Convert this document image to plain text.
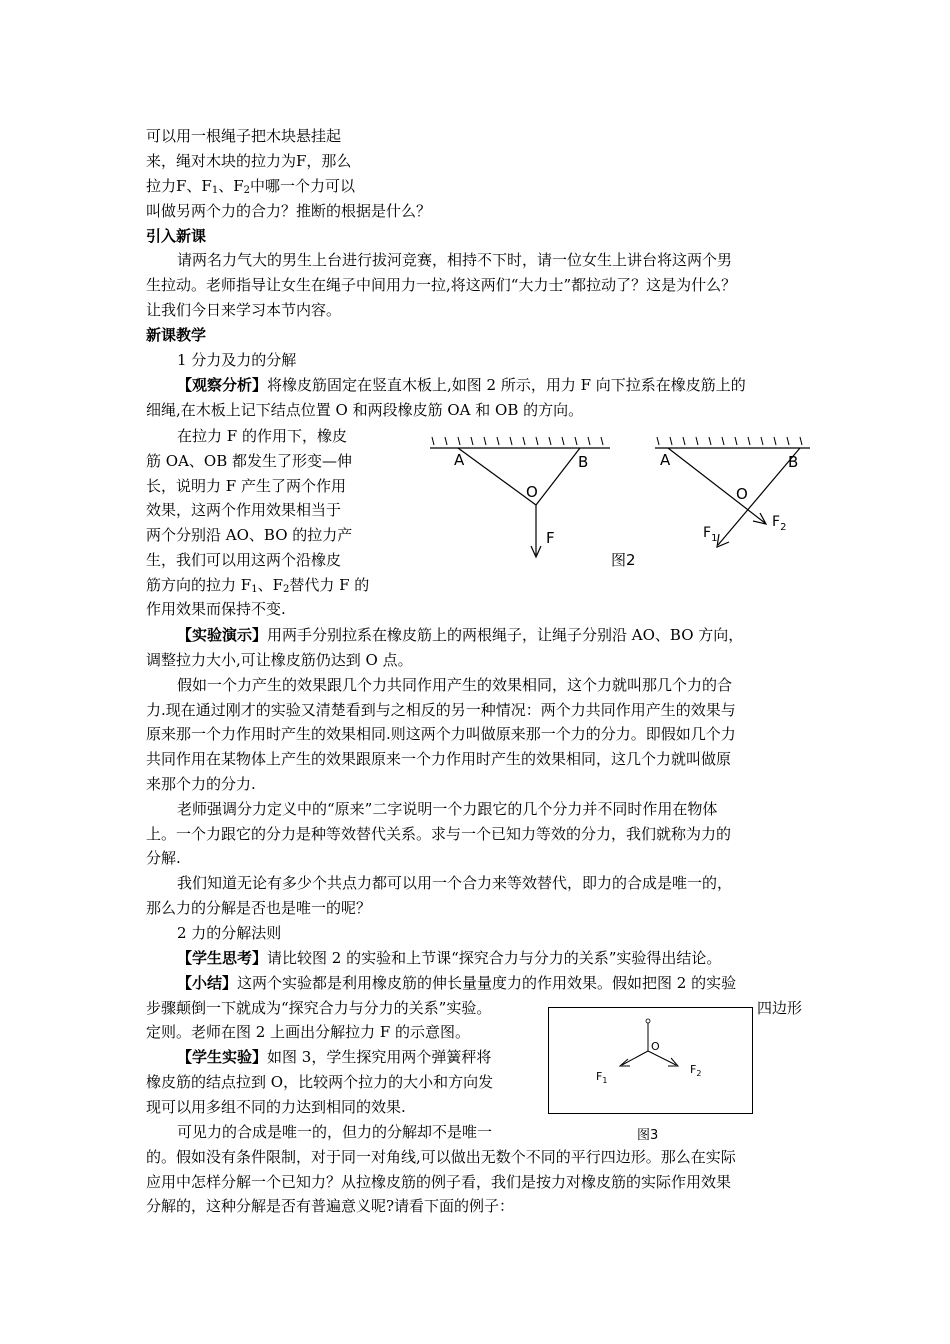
可以用一根绳子把木块悬挂起
来，绳对木块的拉力为F，那么
拉力F、$F_1$、$F_2$中哪一个力可以
叫做另两个力的合力？推断的根据是什么？
引入新课
请两名力气大的男生上台进行拔河竞赛，相持不下时，请一位女生上讲台将这两个男
生拉动。老师指导让女生在绳子中间用力一拉,将这两们“大力士”都拉动了？这是为什么？
让我们今日来学习本节内容。
新课教学
1 分力及力的分解
【观察分析】将橡皮筋固定在竖直木板上,如图 2 所示，用力 F 向下拉系在橡皮筋上的
细绳,在木板上记下结点位置 O 和两段橡皮筋 OA 和 OB 的方向。
在拉力 F 的作用下，橡皮
筋 OA、OB 都发生了形变—伸
长，说明力 F 产生了两个作用
效果，这两个作用效果相当于
两个分别沿 AO、BO 的拉力产
生，我们可以用这两个沿橡皮
筋方向的拉力 $F_1$、$F_2$替代力 F 的
作用效果而保持不变.
A	B
O
F
A	B
O
$F_1$
$F_2$
图2
【实验演示】用两手分别拉系在橡皮筋上的两根绳子，让绳子分别沿 AO、BO 方向，
调整拉力大小,可让橡皮筋仍达到 O 点。
假如一个力产生的效果跟几个力共同作用产生的效果相同，这个力就叫那几个力的合
力.现在通过刚才的实验又清楚看到与之相反的另一种情况：两个力共同作用产生的效果与
原来那一个力作用时产生的效果相同.则这两个力叫做原来那一个力的分力。即假如几个力
共同作用在某物体上产生的效果跟原来一个力作用时产生的效果相同，这几个力就叫做原
来那个力的分力.
老师强调分力定义中的“原来”二字说明一个力跟它的几个分力并不同时作用在物体
上。一个力跟它的分力是种等效替代关系。求与一个已知力等效的分力，我们就称为力的
分解.
我们知道无论有多少个共点力都可以用一个合力来等效替代，即力的合成是唯一的，
那么力的分解是否也是唯一的呢？
2 力的分解法则
【学生思考】请比较图 2 的实验和上节课“探究合力与分力的关系”实验得出结论。
【小结】这两个实验都是利用橡皮筋的伸长量量度力的作用效果。假如把图 2 的实验
步骤颠倒一下就成为“探究合力与分力的关系”实验。	四边形
定则。老师在图 2 上画出分解拉力 F 的示意图。
【学生实验】如图 3，学生探究用两个弹簧秤将
橡皮筋的结点拉到 O，比较两个拉力的大小和方向发
现可以用多组不同的力达到相同的效果.
O
$F_1$
$F_2$
图3
可见力的合成是唯一的，但力的分解却不是唯一
的。假如没有条件限制，对于同一对角线,可以做出无数个不同的平行四边形。那么在实际
应用中怎样分解一个已知力？从拉橡皮筋的例子看，我们是按力对橡皮筋的实际作用效果
分解的，这种分解是否有普遍意义呢?请看下面的例子：
